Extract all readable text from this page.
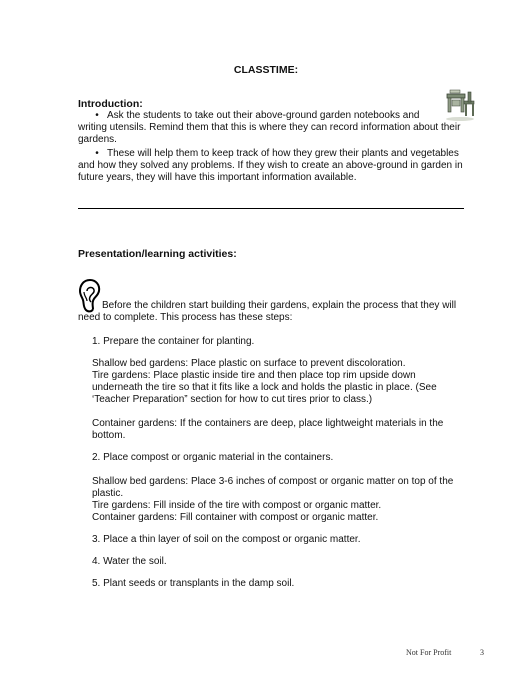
CLASSTIME:
Introduction:
• Ask the students to take out their above-ground garden notebooks and
writing utensils. Remind them that this is where they can record information about their
gardens.
• These will help them to keep track of how they grew their plants and vegetables
and how they solved any problems. If they wish to create an above-ground in garden in
future years, they will have this important information available.
Presentation/learning activities:
Before the children start building their gardens, explain the process that they will
need to complete. This process has these steps:
1. Prepare the container for planting.
Shallow bed gardens: Place plastic on surface to prevent discoloration.
Tire gardens: Place plastic inside tire and then place top rim upside down
underneath the tire so that it fits like a lock and holds the plastic in place. (See
‘Teacher Preparation” section for how to cut tires prior to class.)
Container gardens: If the containers are deep, place lightweight materials in the
bottom.
2. Place compost or organic material in the containers.
Shallow bed gardens: Place 3-6 inches of compost or organic matter on top of the
plastic.
Tire gardens: Fill inside of the tire with compost or organic matter.
Container gardens: Fill container with compost or organic matter.
3. Place a thin layer of soil on the compost or organic matter.
4. Water the soil.
5. Plant seeds or transplants in the damp soil.
Not For Profit	3
